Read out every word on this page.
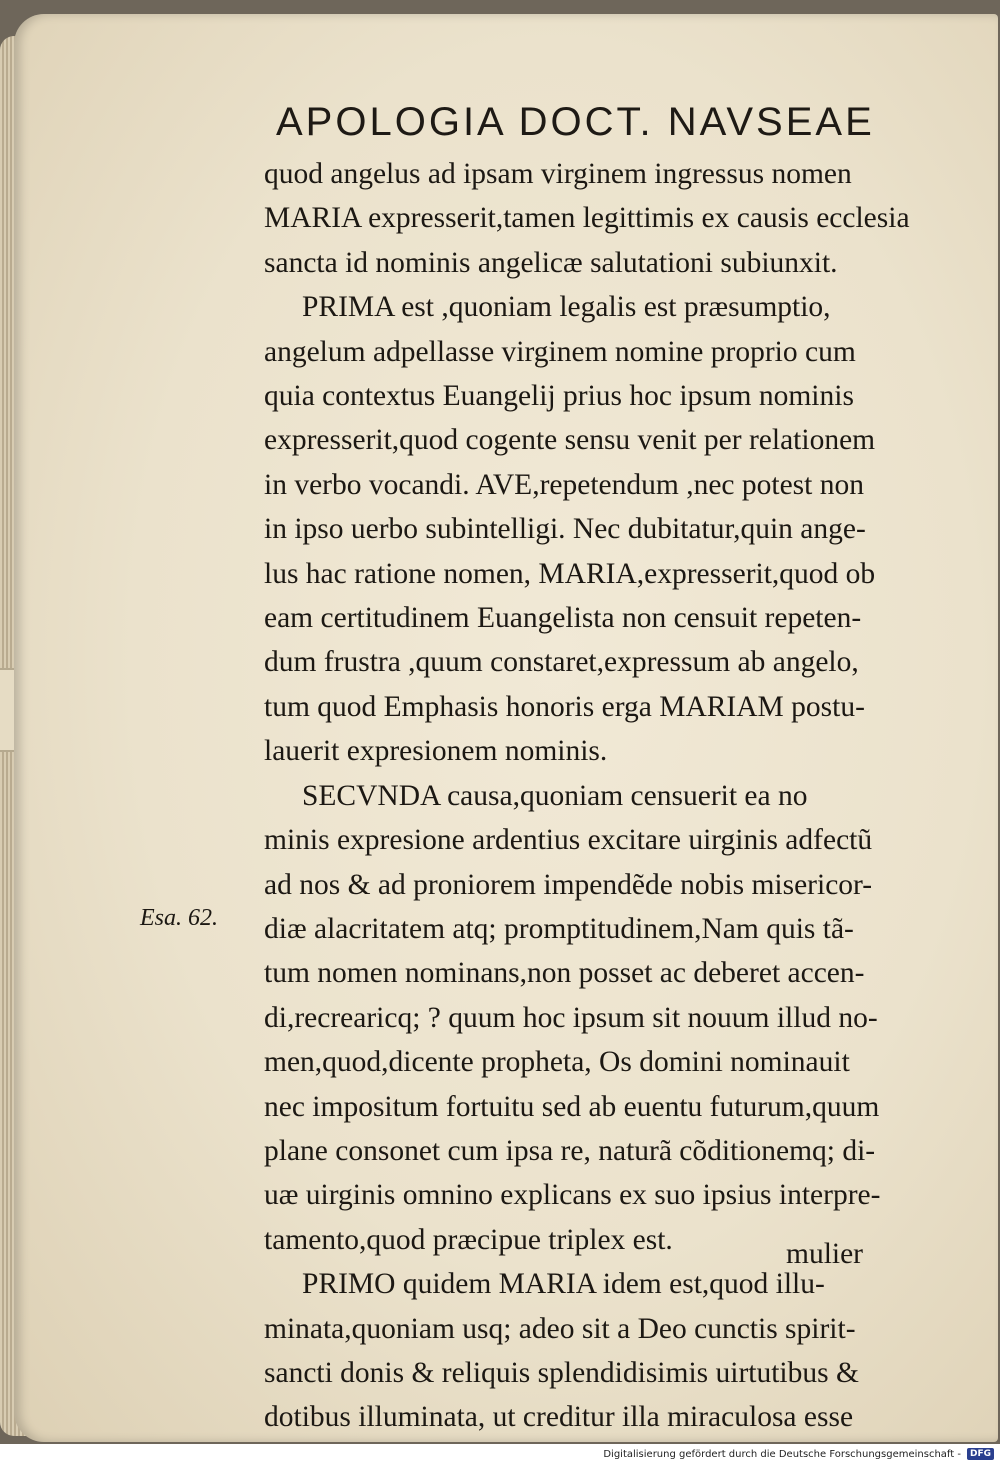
APOLOGIA DOCT. NAVSEAE
quod angelus ad ipsam virginem ingressus nomen
MARIA expresserit,tamen legittimis ex causis ecclesia
sancta id nominis angelicæ salutationi subiunxit.
PRIMA est ,quoniam legalis est præsumptio,
angelum adpellasse virginem nomine proprio cum
quia contextus Euangelij prius hoc ipsum nominis
expresserit,quod cogente sensu venit per relationem
in verbo vocandi. AVE,repetendum ,nec potest non
in ipso uerbo subintelligi. Nec dubitatur,quin ange-
lus hac ratione nomen, MARIA,expresserit,quod ob
eam certitudinem Euangelista non censuit repeten-
dum frustra ,quum constaret,expressum ab angelo,
tum quod Emphasis honoris erga MARIAM postu-
lauerit expresionem nominis.
SECVNDA causa,quoniam censuerit ea no
minis expresione ardentius excitare uirginis adfectũ
ad nos & ad proniorem impendẽde nobis misericor-
diæ alacritatem atq; promptitudinem,Nam quis tã-
tum nomen nominans,non posset ac deberet accen-
di,recrearicq; ? quum hoc ipsum sit nouum illud no-
men,quod,dicente propheta, Os domini nominauit
nec impositum fortuitu sed ab euentu futurum,quum
plane consonet cum ipsa re, naturã cõditionemq; di-
uæ uirginis omnino explicans ex suo ipsius interpre-
tamento,quod præcipue triplex est.
PRIMO quidem MARIA idem est,quod illu-
minata,quoniam usq; adeo sit a Deo cunctis spirit-
sancti donis & reliquis splendidisimis uirtutibus &
dotibus illuminata, ut creditur illa miraculosa esse
Esa. 62.
mulier
Digitalisierung gefördert durch die Deutsche Forschungsgemeinschaft -	DFG
